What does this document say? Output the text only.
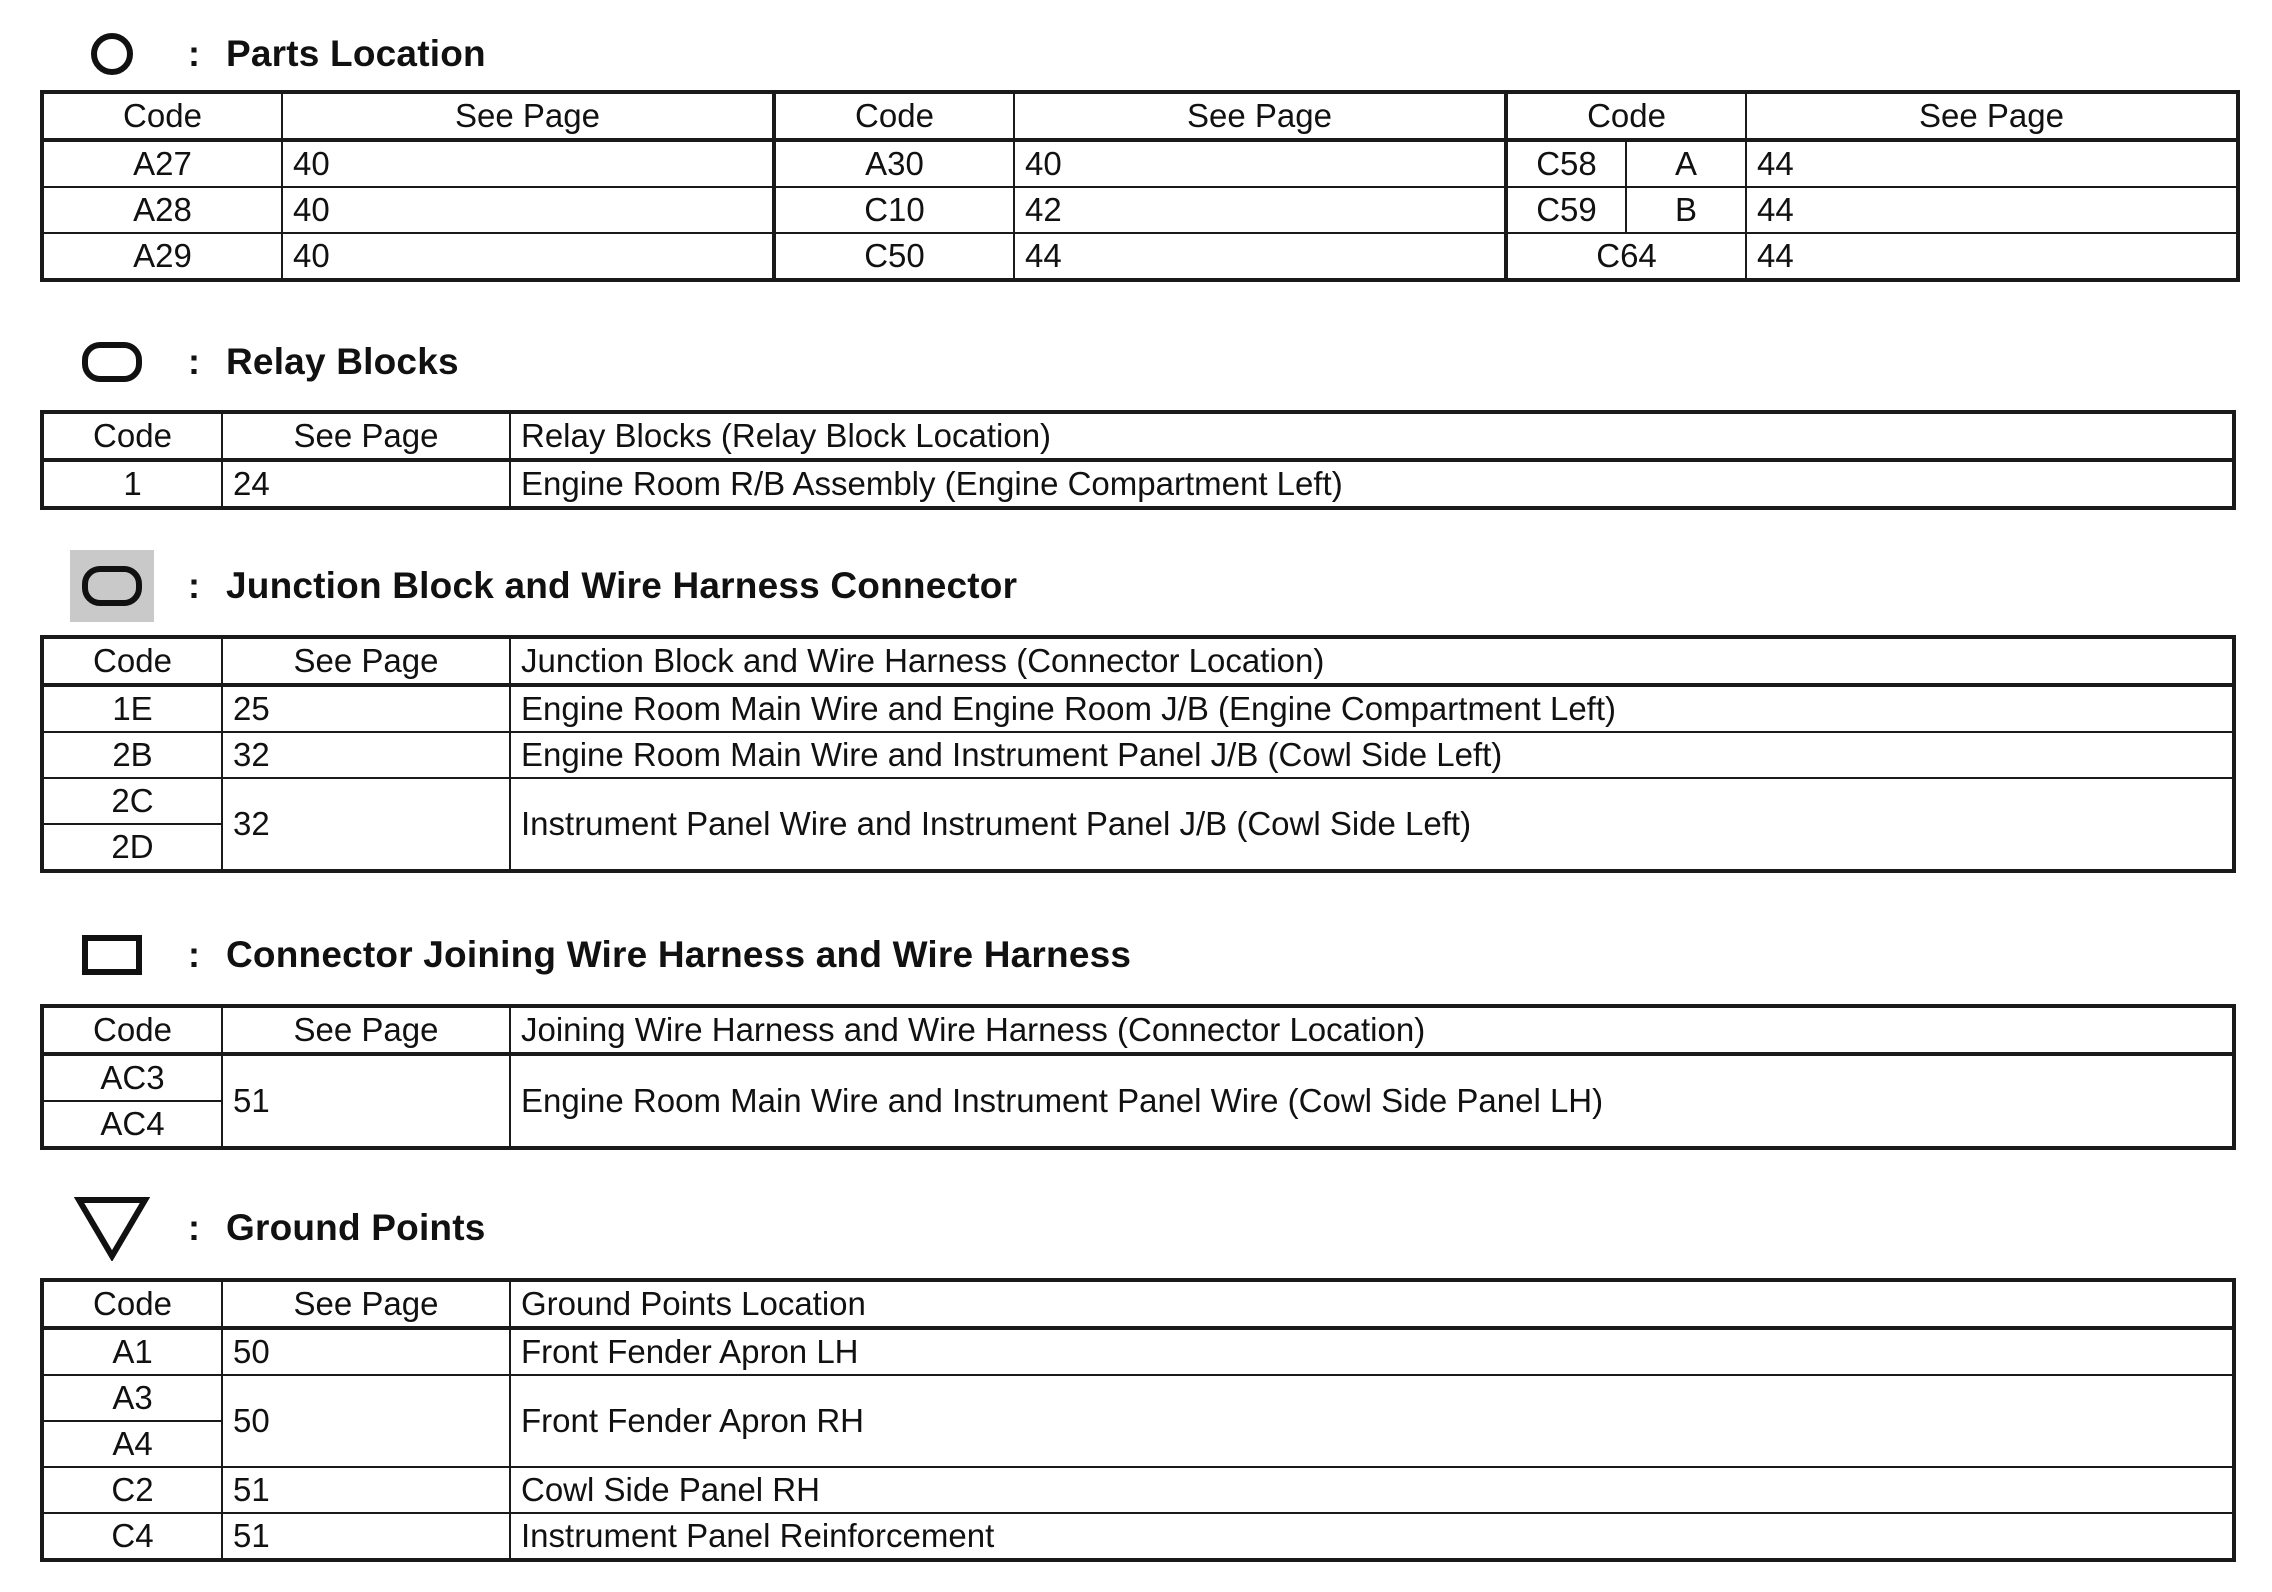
: Parts Location
Code	See Page	Code	See Page	Code		See Page
A27	40	A30	40	C58	A	44
A28	40	C10	42	C59	B	44
A29	40	C50	44	C64		44
: Relay Blocks
Code	See Page	Relay Blocks (Relay Block Location)
1	24	Engine Room R/B Assembly (Engine Compartment Left)
: Junction Block and Wire Harness Connector
Code	See Page	Junction Block and Wire Harness (Connector Location)
1E	25	Engine Room Main Wire and Engine Room J/B (Engine Compartment Left)
2B	32	Engine Room Main Wire and Instrument Panel J/B (Cowl Side Left)
2C	32	Instrument Panel Wire and Instrument Panel J/B (Cowl Side Left)
2D		
: Connector Joining Wire Harness and Wire Harness
Code	See Page	Joining Wire Harness and Wire Harness (Connector Location)
AC3	51	Engine Room Main Wire and Instrument Panel Wire (Cowl Side Panel LH)
AC4		
: Ground Points
Code	See Page	Ground Points Location
A1	50	Front Fender Apron LH
A3	50	Front Fender Apron RH
A4		
C2	51	Cowl Side Panel RH
C4	51	Instrument Panel Reinforcement
